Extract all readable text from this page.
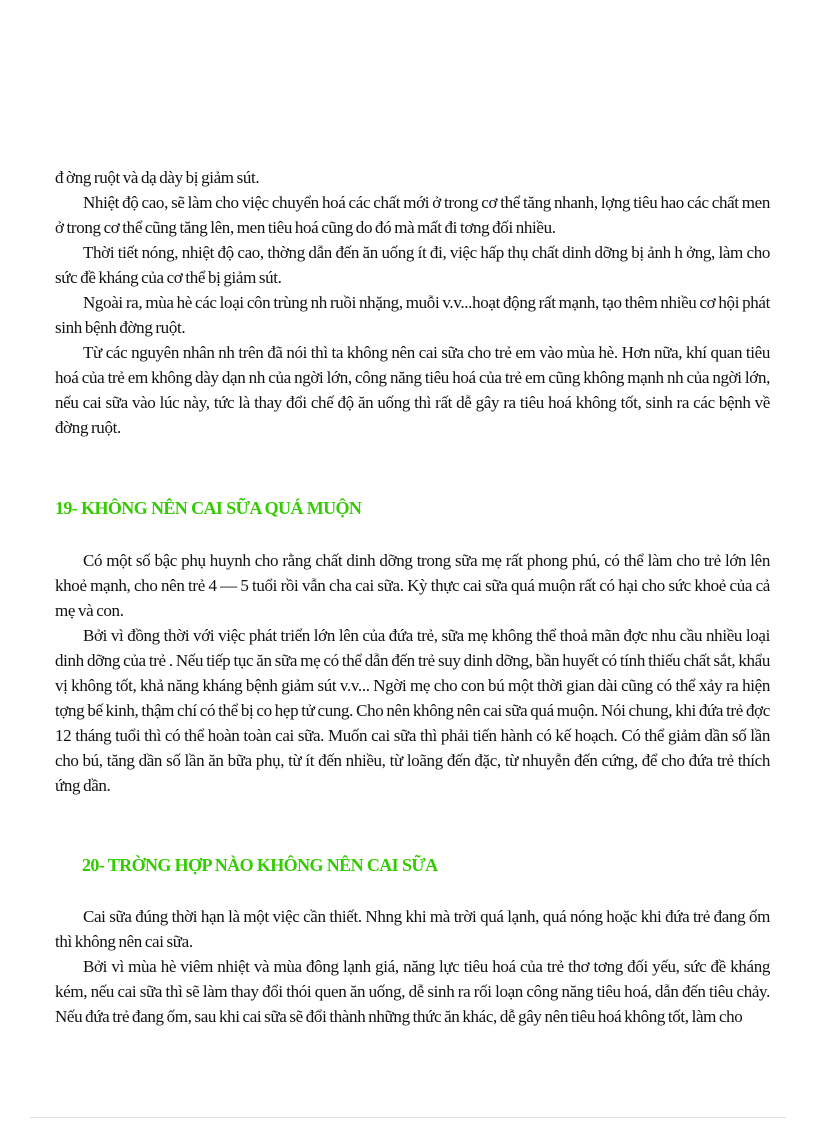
đ ờng ruột và dạ dày bị giảm sút.

Nhiệt độ cao, sẽ làm cho việc chuyển hoá các chất mới ở trong cơ thể tăng nhanh, lợng tiêu hao các chất men ở trong cơ thể cũng tăng lên, men tiêu hoá cũng do đó mà mất đi tơng đối nhiều.

Thời tiết nóng, nhiệt độ cao, thờng dẫn đến ăn uống ít đi, việc hấp thụ chất dinh dỡng bị ảnh h ởng, làm cho sức đề kháng của cơ thể bị giảm sút.

Ngoài ra, mùa hè các loại côn trùng nh ruồi nhặng, muỗi v.v...hoạt động rất mạnh, tạo thêm nhiều cơ hội phát sinh bệnh đờng ruột.

Từ các nguyên nhân nh trên đã nói thì ta không nên cai sữa cho trẻ em vào mùa hè. Hơn nữa, khí quan tiêu hoá của trẻ em không dày dạn nh của ngời lớn, công năng tiêu hoá của trẻ em cũng không mạnh nh của ngời lớn, nếu cai sữa vào lúc này, tức là thay đổi chế độ ăn uống thì rất dễ gây ra tiêu hoá không tốt, sinh ra các bệnh về đờng ruột.

19- KHÔNG NÊN CAI SỮA QUÁ MUỘN

Có một số bậc phụ huynh cho rằng chất dinh dỡng trong sữa mẹ rất phong phú, có thể làm cho trẻ lớn lên khoẻ mạnh, cho nên trẻ 4 — 5 tuổi rồi vẫn cha cai sữa. Kỳ thực cai sữa quá muộn rất có hại cho sức khoẻ của cả mẹ và con.

Bởi vì đồng thời với việc phát triển lớn lên của đứa trẻ, sữa mẹ không thể thoả mãn đợc nhu cầu nhiều loại dinh dỡng của trẻ . Nếu tiếp tục ăn sữa mẹ có thể dẫn đến trẻ suy dinh dỡng, bần huyết có tính thiếu chất sắt, khẩu vị không tốt, khả năng kháng bệnh giảm sút v.v... Ngời mẹ cho con bú một thời gian dài cũng có thể xảy ra hiện tợng bế kinh, thậm chí có thể bị co hẹp tử cung. Cho nên không nên cai sữa quá muộn. Nói chung, khi đứa trẻ đợc 12 tháng tuổi thì có thể hoàn toàn cai sữa. Muốn cai sữa thì phải tiến hành có kế hoạch. Có thể giảm dần số lần cho bú, tăng dần số lần ăn bữa phụ, từ ít đến nhiều, từ loãng đến đặc, từ nhuyễn đến cứng, để cho đứa trẻ thích ứng dần.

20- TRỜNG HỢP NÀO KHÔNG NÊN CAI SỮA

Cai sữa đúng thời hạn là một việc cần thiết. Nhng khi mà trời quá lạnh, quá nóng hoặc khi đứa trẻ đang ốm thì không nên cai sữa.

Bởi vì mùa hè viêm nhiệt và mùa đông lạnh giá, năng lực tiêu hoá của trẻ thơ tơng đối yếu, sức đề kháng kém, nếu cai sữa thì sẽ làm thay đổi thói quen ăn uống, dễ sinh ra rối loạn công năng tiêu hoá, dẫn đến tiêu chảy. Nếu đứa trẻ đang ốm, sau khi cai sữa sẽ đổi thành những thức ăn khác, dễ gây nên tiêu hoá không tốt, làm cho
